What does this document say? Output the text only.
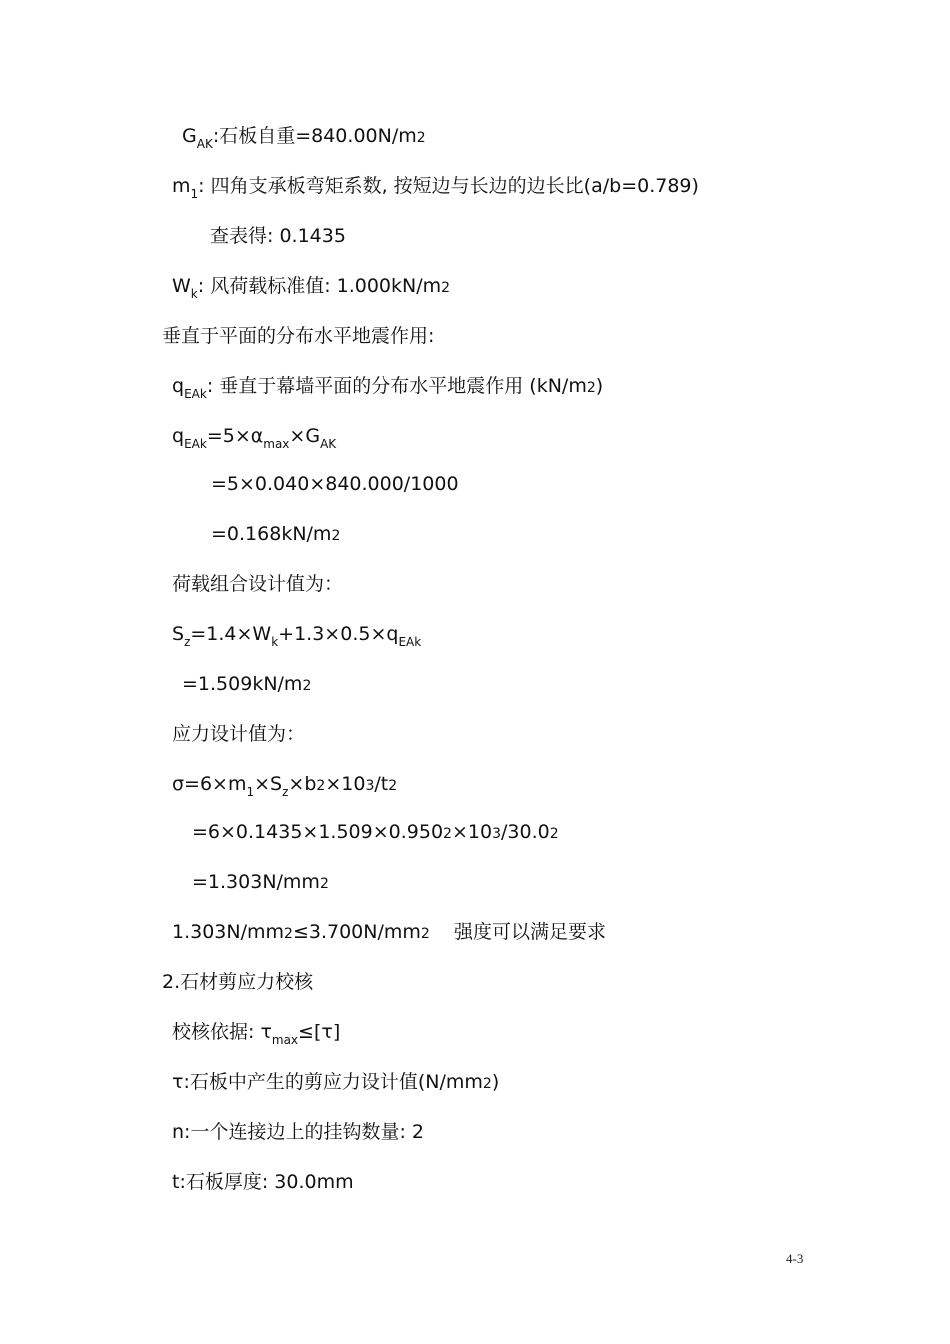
$G_{AK}$:石板自重=840.00N/m2
$m_1$: 四角支承板弯矩系数, 按短边与长边的边长比(a/b=0.789)
查表得: 0.1435
$W_k$: 风荷载标准值: 1.000kN/m2
垂直于平面的分布水平地震作用:
$q_{EAk}$: 垂直于幕墙平面的分布水平地震作用 (kN/m2)
$q_{EAk}=5\times\alpha_{max}\times G_{AK}$
=5×0.040×840.000/1000
=0.168kN/m2
荷载组合设计值为：
$S_z=1.4\times W_k+1.3\times 0.5\times q_{EAk}$
=1.509kN/m2
应力设计值为：
$\sigma=6\times m_1\times S_z\times b2\times 103/t2$
=6×0.1435×1.509×0.9502×103/30.02
=1.303N/mm2
1.303N/mm2≤3.700N/mm2    强度可以满足要求
2.石材剪应力校核
校核依据: $\tau_{max}\le[\tau]$
τ:石板中产生的剪应力设计值(N/mm2)
n:一个连接边上的挂钩数量: 2
t:石板厚度: 30.0mm
4-3
